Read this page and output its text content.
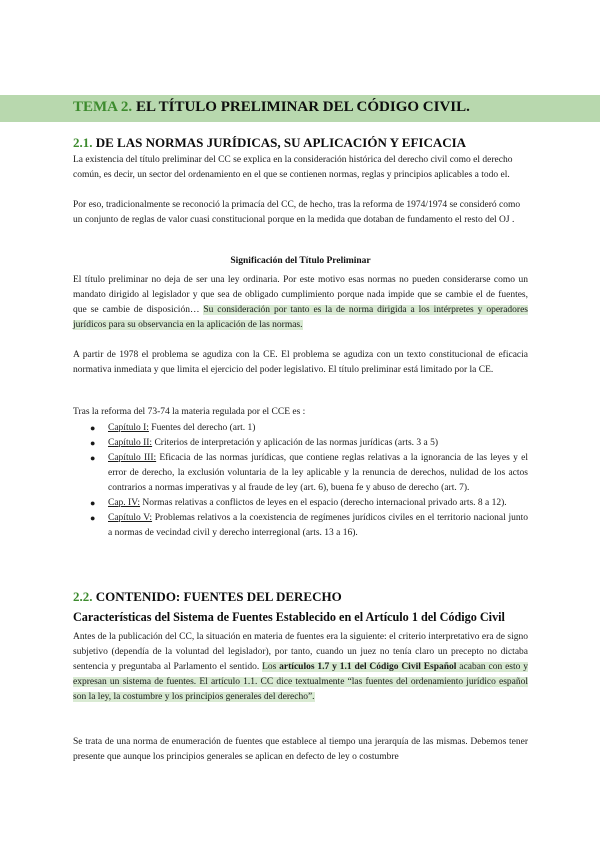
TEMA 2. EL TÍTULO PRELIMINAR DEL CÓDIGO CIVIL.
2.1. DE LAS NORMAS JURÍDICAS, SU APLICACIÓN Y EFICACIA
La existencia del título preliminar del CC se explica en la consideración histórica del derecho civil como el derecho común, es decir, un sector del ordenamiento en el que se contienen normas, reglas y principios aplicables a todo el.
Por eso, tradicionalmente se reconoció la primacía del CC, de hecho, tras la reforma de 1974/1974 se consideró como un conjunto de reglas de valor cuasi constitucional porque en la medida que dotaban de fundamento el resto del OJ .
Significación del Título Preliminar
El título preliminar no deja de ser una ley ordinaria. Por este motivo esas normas no pueden considerarse como un mandato dirigido al legislador y que sea de obligado cumplimiento porque nada impide que se cambie el de fuentes, que se cambie de disposición… Su consideración por tanto es la de norma dirigida a los intérpretes y operadores jurídicos para su observancia en la aplicación de las normas.
A partir de 1978 el problema se agudiza con la CE. El problema se agudiza con un texto constitucional de eficacia normativa inmediata y que limita el ejercicio del poder legislativo. El título preliminar está limitado por la CE.
Tras la reforma del 73-74 la materia regulada por el CCE es :
● Capítulo I: Fuentes del derecho (art. 1)
● Capítulo II: Criterios de interpretación y aplicación de las normas jurídicas (arts. 3 a 5)
● Capítulo III: Eficacia de las normas jurídicas, que contiene reglas relativas a la ignorancia de las leyes y el error de derecho, la exclusión voluntaria de la ley aplicable y la renuncia de derechos, nulidad de los actos contrarios a normas imperativas y al fraude de ley (art. 6), buena fe y abuso de derecho (art. 7).
● Cap. IV: Normas relativas a conflictos de leyes en el espacio (derecho internacional privado arts. 8 a 12).
● Capítulo V: Problemas relativos a la coexistencia de regímenes jurídicos civiles en el territorio nacional junto a normas de vecindad civil y derecho interregional (arts. 13 a 16).
2.2. CONTENIDO: FUENTES DEL DERECHO
Características del Sistema de Fuentes Establecido en el Artículo 1 del Código Civil
Antes de la publicación del CC, la situación en materia de fuentes era la siguiente: el criterio interpretativo era de signo subjetivo (dependía de la voluntad del legislador), por tanto, cuando un juez no tenía claro un precepto no dictaba sentencia y preguntaba al Parlamento el sentido. Los artículos 1.7 y 1.1 del Código Civil Español acaban con esto y expresan un sistema de fuentes. El artículo 1.1. CC dice textualmente “las fuentes del ordenamiento jurídico español son la ley, la costumbre y los principios generales del derecho”.
Se trata de una norma de enumeración de fuentes que establece al tiempo una jerarquía de las mismas. Debemos tener presente que aunque los principios generales se aplican en defecto de ley o costumbre
